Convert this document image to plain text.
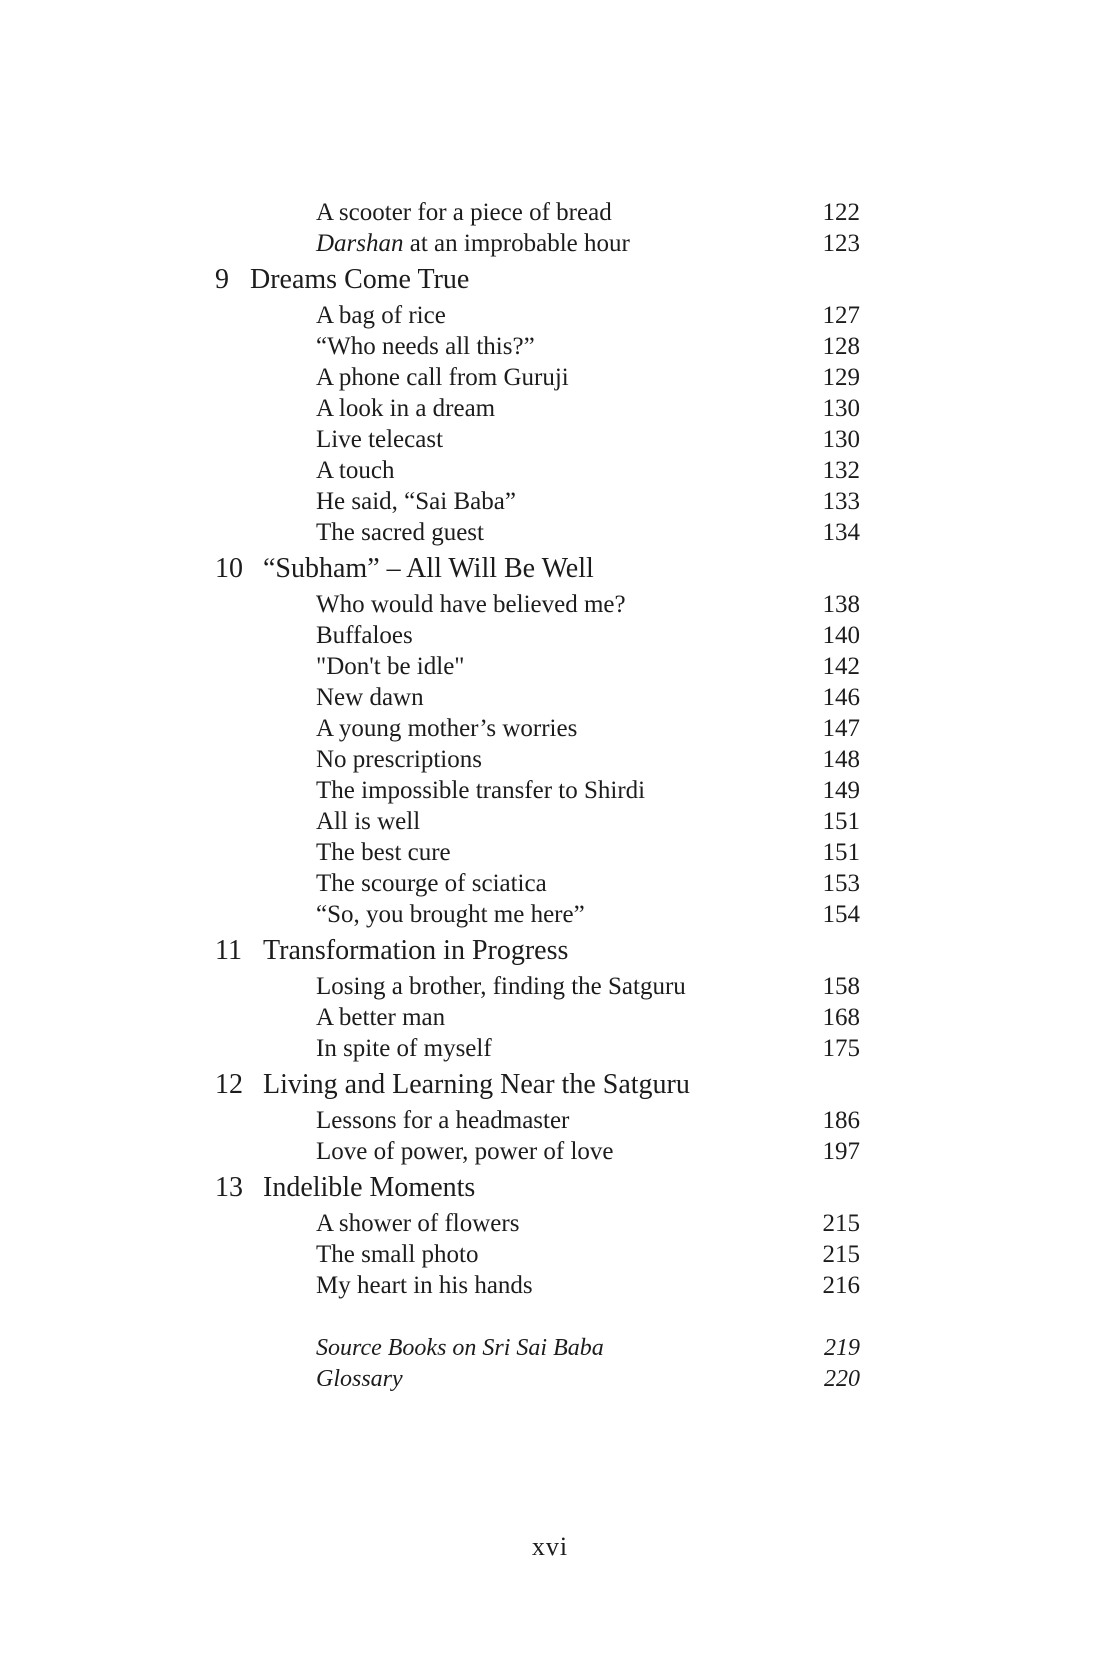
A scooter for a piece of bread	122
Darshan at an improbable hour	123
9 Dreams Come True
A bag of rice	127
“Who needs all this?”	128
A phone call from Guruji	129
A look in a dream	130
Live telecast	130
A touch	132
He said, “Sai Baba”	133
The sacred guest	134
10 “Subham” – All Will Be Well
Who would have believed me?	138
Buffaloes	140
"Don't be idle"	142
New dawn	146
A young mother’s worries	147
No prescriptions	148
The impossible transfer to Shirdi	149
All is well	151
The best cure	151
The scourge of sciatica	153
“So, you brought me here”	154
11 Transformation in Progress
Losing a brother, finding the Satguru	158
A better man	168
In spite of myself	175
12 Living and Learning Near the Satguru
Lessons for a headmaster	186
Love of power, power of love	197
13 Indelible Moments
A shower of flowers	215
The small photo	215
My heart in his hands	216
Source Books on Sri Sai Baba	219
Glossary	220
xvi
